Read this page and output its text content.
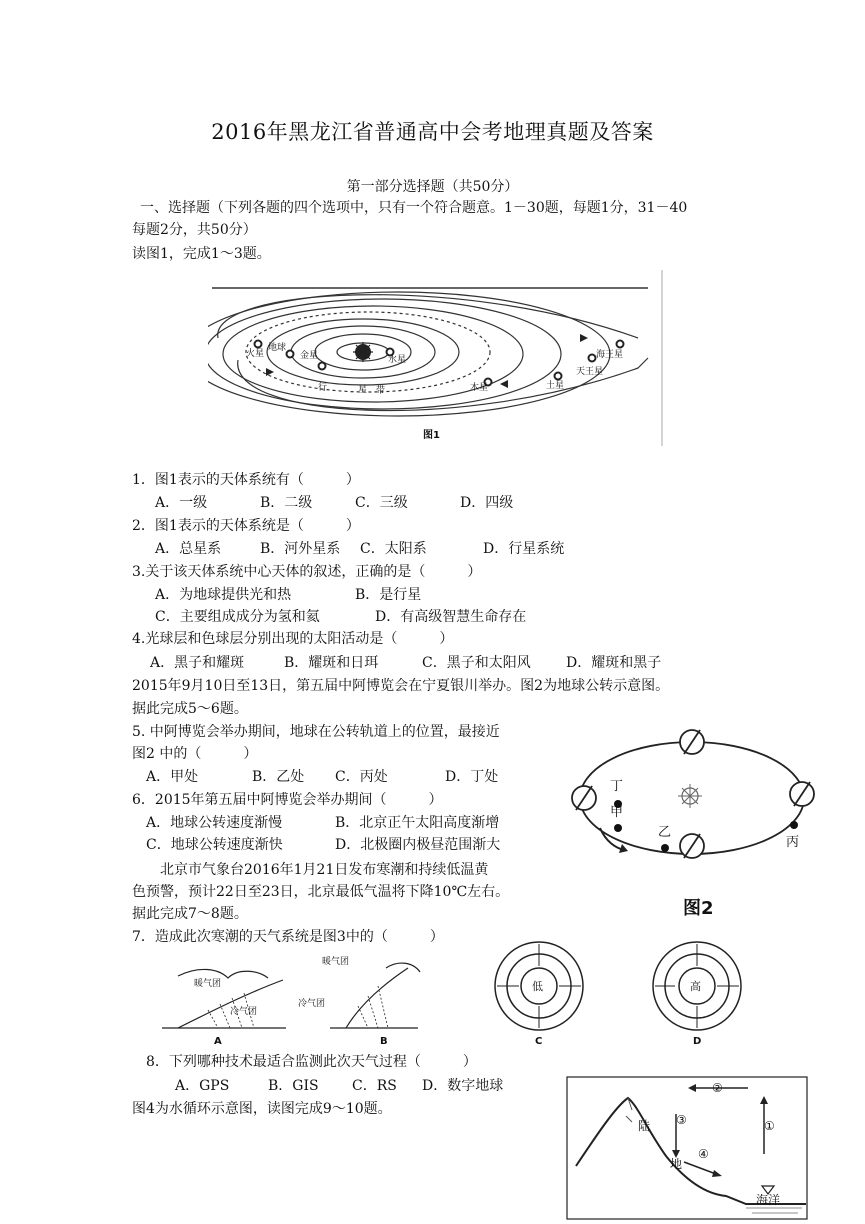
2016年黑龙江省普通高中会考地理真题及答案
第一部分选择题（共50分）
一、选择题（下列各题的四个选项中，只有一个符合题意。1－30题，每题1分，31－40
每题2分，共50分）
读图1，完成1～3题。
地球
火星	金星	水星	海王星
天王星
土星
木星
行	星 带
图1
1．图1表示的天体系统有（　　　）
A．一级	B．二级	C．三级	D．四级
2．图1表示的天体系统是（　　　）
A．总星系	B．河外星系 C．太阳系	D．行星系统
3.关于该天体系统中心天体的叙述，正确的是（　　　）
A．为地球提供光和热	B．是行星
C．主要组成成分为氢和氦	D．有高级智慧生命存在
4.光球层和色球层分别出现的太阳活动是（　　　）
A．黑子和耀斑	B．耀斑和日珥	C．黑子和太阳风	D．耀斑和黑子
2015年9月10日至13日，第五届中阿博览会在宁夏银川举办。图2为地球公转示意图。
据此完成5～6题。
5. 中阿博览会举办期间，地球在公转轨道上的位置，最接近
图2 中的（　　　）
A．甲处	B．乙处 C．丙处	D．丁处
6．2015年第五届中阿博览会举办期间（　　　）
A．地球公转速度渐慢	B．北京正午太阳高度渐增
C．地球公转速度渐快	D．北极圈内极昼范围渐大
北京市气象台2016年1月21日发布寒潮和持续低温黄
色预警，预计22日至23日，北京最低气温将下降10℃左右。
据此完成7～8题。
7．造成此次寒潮的天气系统是图3中的（　　　）
丁
甲
乙
丙
图2
暖气团
冷气团
暖气团
冷气团
A	B
低	高
C	D
8．下列哪种技术最适合监测此次天气过程（　　　）
A．GPS	B．GIS C．RS D．数字地球
图4为水循环示意图，读图完成9～10题。
②
③	①
④
陆
地
海洋
